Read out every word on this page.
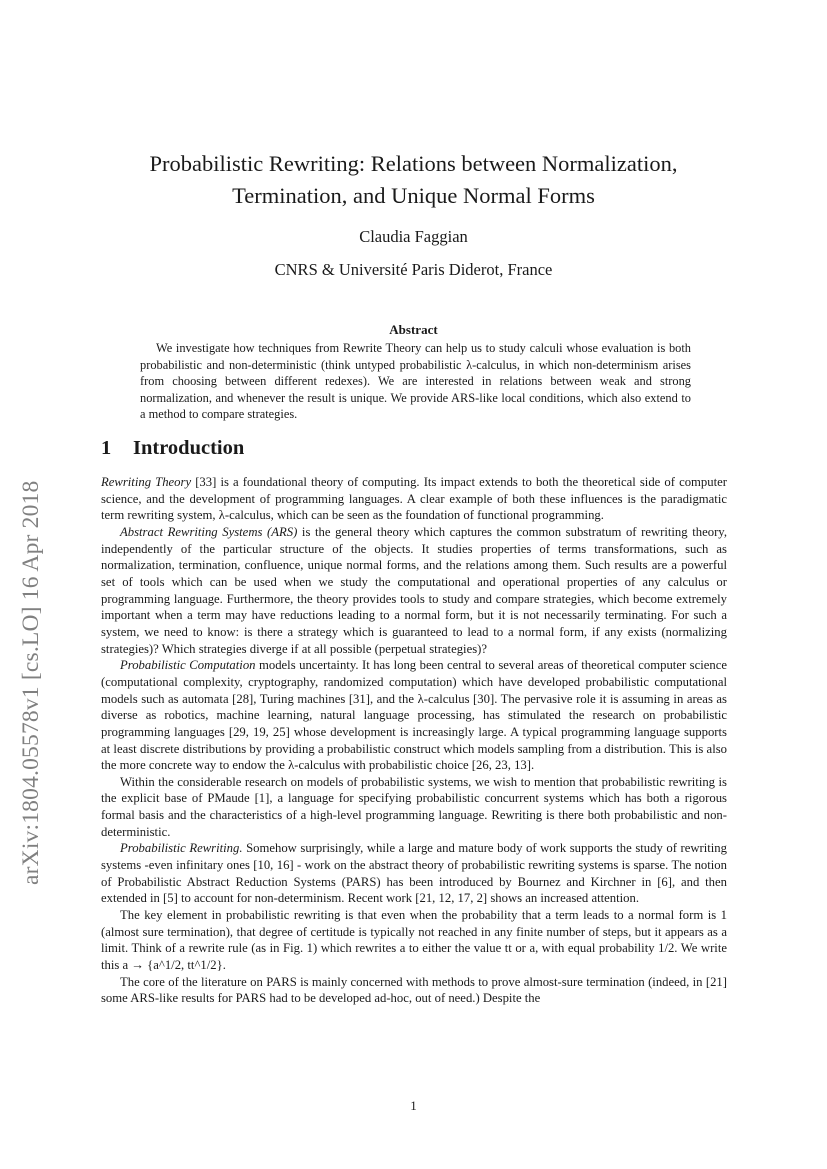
arXiv:1804.05578v1 [cs.LO] 16 Apr 2018
Probabilistic Rewriting: Relations between Normalization,
Termination, and Unique Normal Forms
Claudia Faggian
CNRS & Université Paris Diderot, France
Abstract
We investigate how techniques from Rewrite Theory can help us to study calculi whose evaluation is both probabilistic and non-deterministic (think untyped probabilistic λ-calculus, in which non-determinism arises from choosing between different redexes). We are interested in relations between weak and strong normalization, and whenever the result is unique. We provide ARS-like local conditions, which also extend to a method to compare strategies.
1 Introduction

Rewriting Theory [33] is a foundational theory of computing. Its impact extends to both the theoretical side of computer science, and the development of programming languages. A clear example of both these influences is the paradigmatic term rewriting system, λ-calculus, which can be seen as the foundation of functional programming.

Abstract Rewriting Systems (ARS) is the general theory which captures the common substratum of rewriting theory, independently of the particular structure of the objects. It studies properties of terms transformations, such as normalization, termination, confluence, unique normal forms, and the relations among them. Such results are a powerful set of tools which can be used when we study the computational and operational properties of any calculus or programming language. Furthermore, the theory provides tools to study and compare strategies, which become extremely important when a term may have reductions leading to a normal form, but it is not necessarily terminating. For such a system, we need to know: is there a strategy which is guaranteed to lead to a normal form, if any exists (normalizing strategies)? Which strategies diverge if at all possible (perpetual strategies)?

Probabilistic Computation models uncertainty. It has long been central to several areas of theoretical computer science (computational complexity, cryptography, randomized computation) which have developed probabilistic computational models such as automata [28], Turing machines [31], and the λ-calculus [30]. The pervasive role it is assuming in areas as diverse as robotics, machine learning, natural language processing, has stimulated the research on probabilistic programming languages [29, 19, 25] whose development is increasingly large. A typical programming language supports at least discrete distributions by providing a probabilistic construct which models sampling from a distribution. This is also the more concrete way to endow the λ-calculus with probabilistic choice [26, 23, 13].

Within the considerable research on models of probabilistic systems, we wish to mention that probabilistic rewriting is the explicit base of PMaude [1], a language for specifying probabilistic concurrent systems which has both a rigorous formal basis and the characteristics of a high-level programming language. Rewriting is there both probabilistic and non-deterministic.

Probabilistic Rewriting. Somehow surprisingly, while a large and mature body of work supports the study of rewriting systems -even infinitary ones [10, 16] - work on the abstract theory of probabilistic rewriting systems is sparse. The notion of Probabilistic Abstract Reduction Systems (PARS) has been introduced by Bournez and Kirchner in [6], and then extended in [5] to account for non-determinism. Recent work [21, 12, 17, 2] shows an increased attention.

The key element in probabilistic rewriting is that even when the probability that a term leads to a normal form is 1 (almost sure termination), that degree of certitude is typically not reached in any finite number of steps, but it appears as a limit. Think of a rewrite rule (as in Fig. 1) which rewrites a to either the value tt or a, with equal probability 1/2. We write this a → {a^1/2, tt^1/2}.

The core of the literature on PARS is mainly concerned with methods to prove almost-sure termination (indeed, in [21] some ARS-like results for PARS had to be developed ad-hoc, out of need.) Despite the

1
